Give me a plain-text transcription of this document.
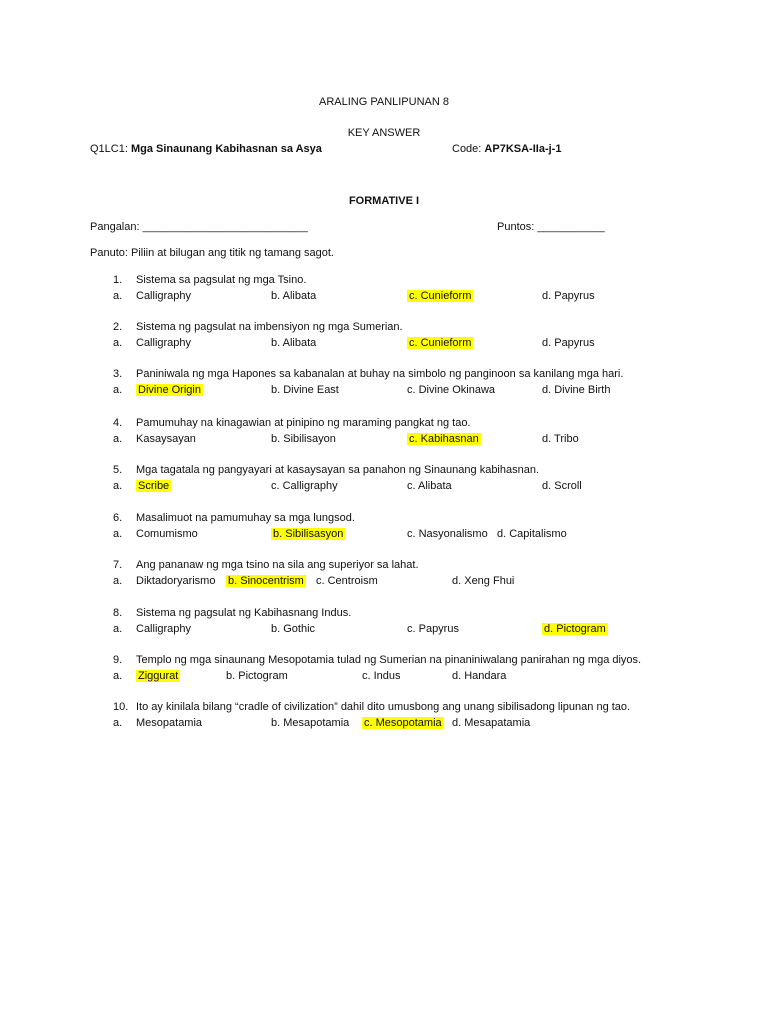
ARALING PANLIPUNAN 8
KEY ANSWER
Q1LC1: Mga Sinaunang Kabihasnan sa Asya	Code: AP7KSA-IIa-j-1
FORMATIVE I
Pangalan: ___________________________	Puntos: ___________
Panuto: Piliin at bilugan ang titik ng tamang sagot.
1. Sistema sa pagsulat ng mga Tsino.
a. Calligraphy	b. Alibata	c. Cunieform	d. Papyrus
2. Sistema ng pagsulat na imbensiyon ng mga Sumerian.
a. Calligraphy	b. Alibata	c. Cunieform	d. Papyrus
3. Paniniwala ng mga Hapones sa kabanalan at buhay na simbolo ng panginoon sa kanilang mga hari.
a. Divine Origin	b. Divine East	c. Divine Okinawa	d. Divine Birth
4. Pamumuhay na kinagawian at pinipino ng maraming pangkat ng tao.
a. Kasaysayan	b. Sibilisayon	c. Kabihasnan	d. Tribo
5. Mga tagatala ng pangyayari at kasaysayan sa panahon ng Sinaunang kabihasnan.
a. Scribe	c. Calligraphy	c. Alibata	d. Scroll
6. Masalimuot na pamumuhay sa mga lungsod.
a. Comumismo	b. Sibilisasyon	c. Nasyonalismo d. Capitalismo
7. Ang pananaw ng mga tsino na sila ang superiyor sa lahat.
a. Diktadoryarismo b. Sinocentrism c. Centroism	d. Xeng Fhui
8. Sistema ng pagsulat ng Kabihasnang Indus.
a. Calligraphy	b. Gothic	c. Papyrus	d. Pictogram
9. Templo ng mga sinaunang Mesopotamia tulad ng Sumerian na pinaniniwalang panirahan ng mga diyos.
a. Ziggurat	b. Pictogram	c. Indus	d. Handara
10. Ito ay kinilala bilang “cradle of civilization” dahil dito umusbong ang unang sibilisadong lipunan ng tao.
a. Mesopatamia	b. Mesapotamia c. Mesopotamia d. Mesapatamia
